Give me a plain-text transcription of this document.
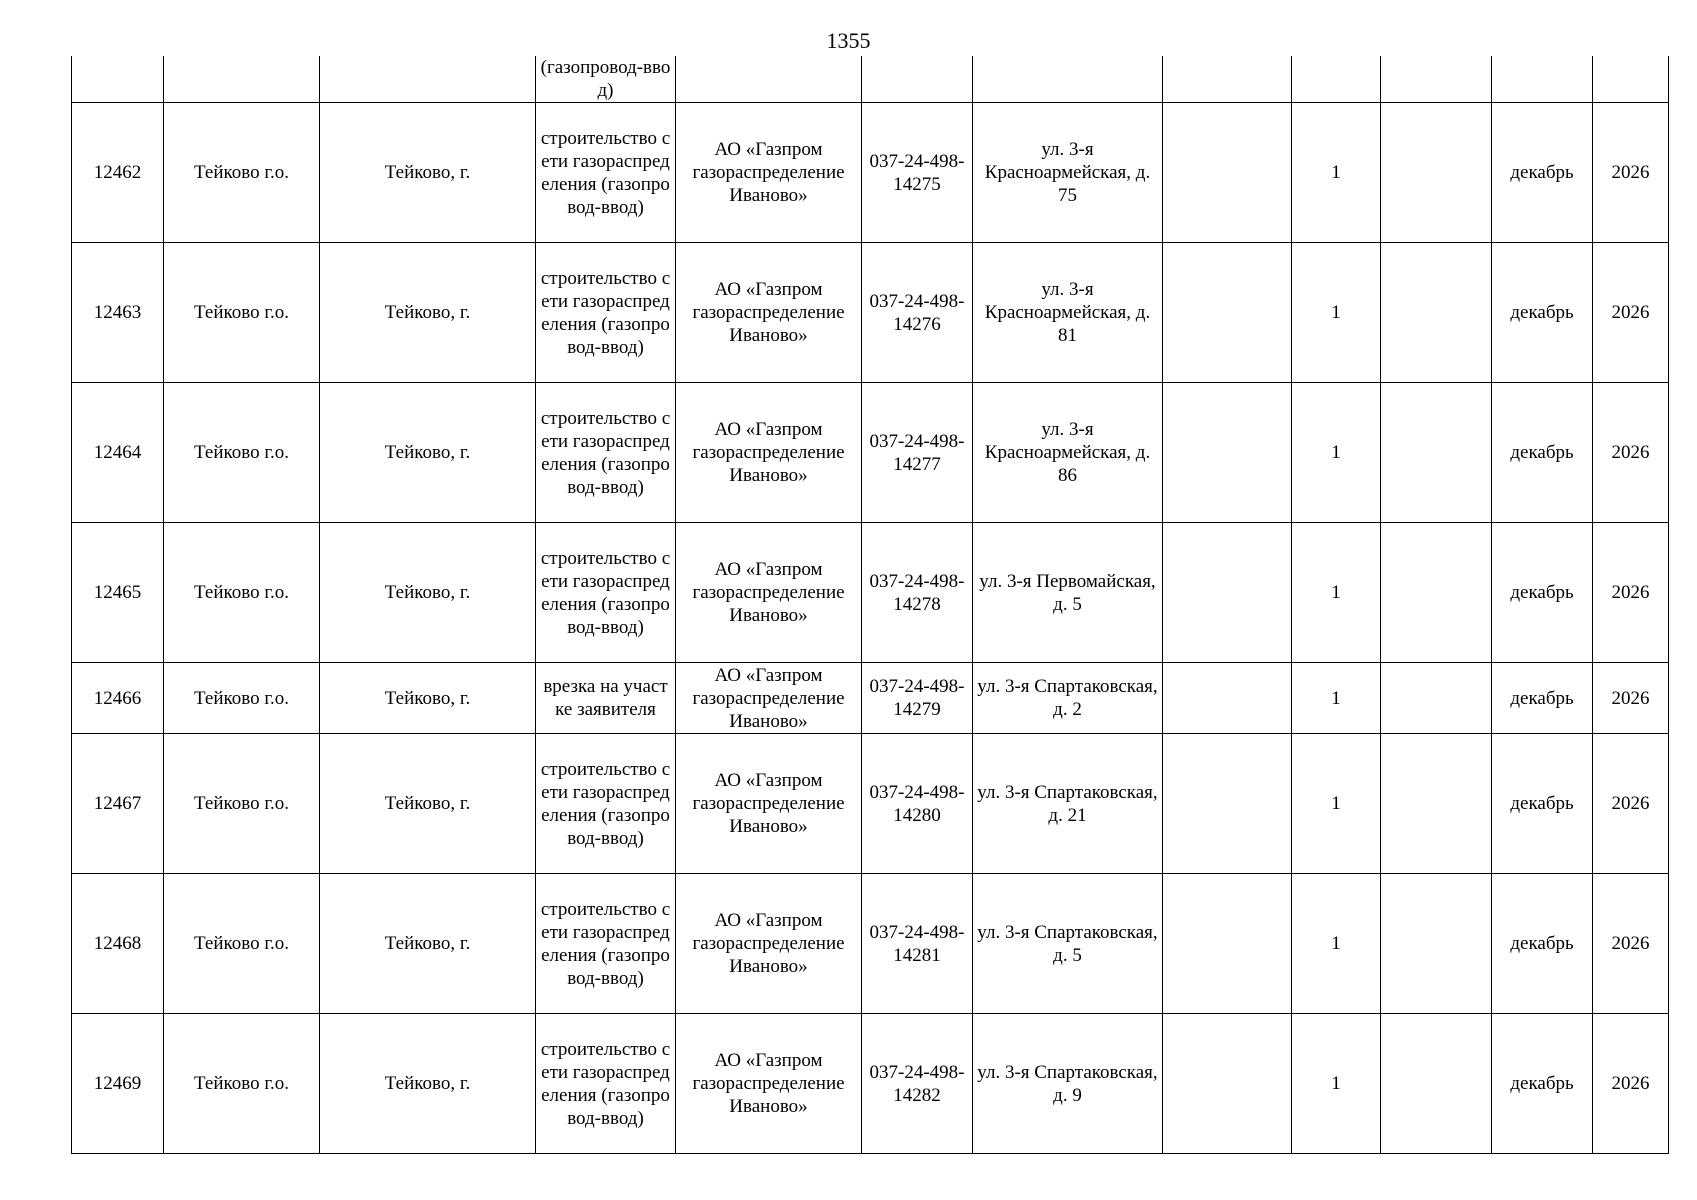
1355
			(газопровод-ввод)								
12462	Тейково г.о.	Тейково, г.	строительство сети газораспределения (газопровод-ввод)	АО «Газпром газораспределение Иваново»	037-24-498-14275	ул. 3-я Красноармейская, д. 75		1		декабрь	2026
12463	Тейково г.о.	Тейково, г.	строительство сети газораспределения (газопровод-ввод)	АО «Газпром газораспределение Иваново»	037-24-498-14276	ул. 3-я Красноармейская, д. 81		1		декабрь	2026
12464	Тейково г.о.	Тейково, г.	строительство сети газораспределения (газопровод-ввод)	АО «Газпром газораспределение Иваново»	037-24-498-14277	ул. 3-я Красноармейская, д. 86		1		декабрь	2026
12465	Тейково г.о.	Тейково, г.	строительство сети газораспределения (газопровод-ввод)	АО «Газпром газораспределение Иваново»	037-24-498-14278	ул. 3-я Первомайская, д. 5		1		декабрь	2026
12466	Тейково г.о.	Тейково, г.	врезка на участке заявителя	АО «Газпром газораспределение Иваново»	037-24-498-14279	ул. 3-я Спартаковская, д. 2		1		декабрь	2026
12467	Тейково г.о.	Тейково, г.	строительство сети газораспределения (газопровод-ввод)	АО «Газпром газораспределение Иваново»	037-24-498-14280	ул. 3-я Спартаковская, д. 21		1		декабрь	2026
12468	Тейково г.о.	Тейково, г.	строительство сети газораспределения (газопровод-ввод)	АО «Газпром газораспределение Иваново»	037-24-498-14281	ул. 3-я Спартаковская, д. 5		1		декабрь	2026
12469	Тейково г.о.	Тейково, г.	строительство сети газораспределения (газопровод-ввод)	АО «Газпром газораспределение Иваново»	037-24-498-14282	ул. 3-я Спартаковская, д. 9		1		декабрь	2026
